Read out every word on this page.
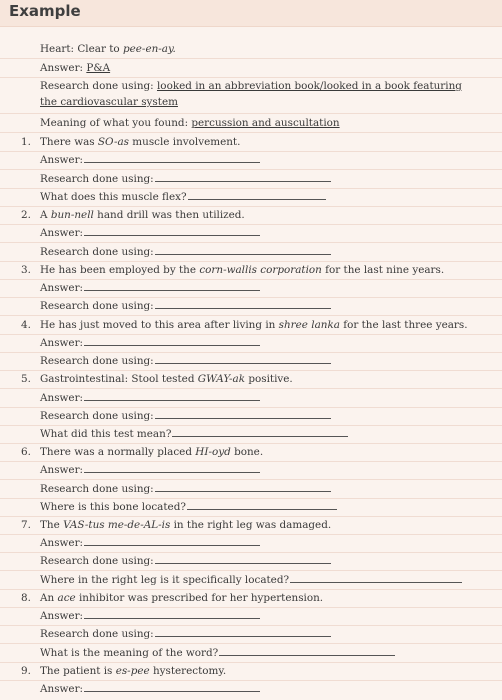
Example
Heart: Clear to pee-en-ay.
Answer: P&A
Research done using: looked in an abbreviation book/looked in a book featuring the cardiovascular system
Meaning of what you found: percussion and auscultation
1. There was SO-as muscle involvement.
Answer:
Research done using:
What does this muscle flex?
2. A bun-nell hand drill was then utilized.
Answer:
Research done using:
3. He has been employed by the corn-wallis corporation for the last nine years.
Answer:
Research done using:
4. He has just moved to this area after living in shree lanka for the last three years.
Answer:
Research done using:
5. Gastrointestinal: Stool tested GWAY-ak positive.
Answer:
Research done using:
What did this test mean?
6. There was a normally placed HI-oyd bone.
Answer:
Research done using:
Where is this bone located?
7. The VAS-tus me-de-AL-is in the right leg was damaged.
Answer:
Research done using:
Where in the right leg is it specifically located?
8. An ace inhibitor was prescribed for her hypertension.
Answer:
Research done using:
What is the meaning of the word?
9. The patient is es-pee hysterectomy.
Answer:
